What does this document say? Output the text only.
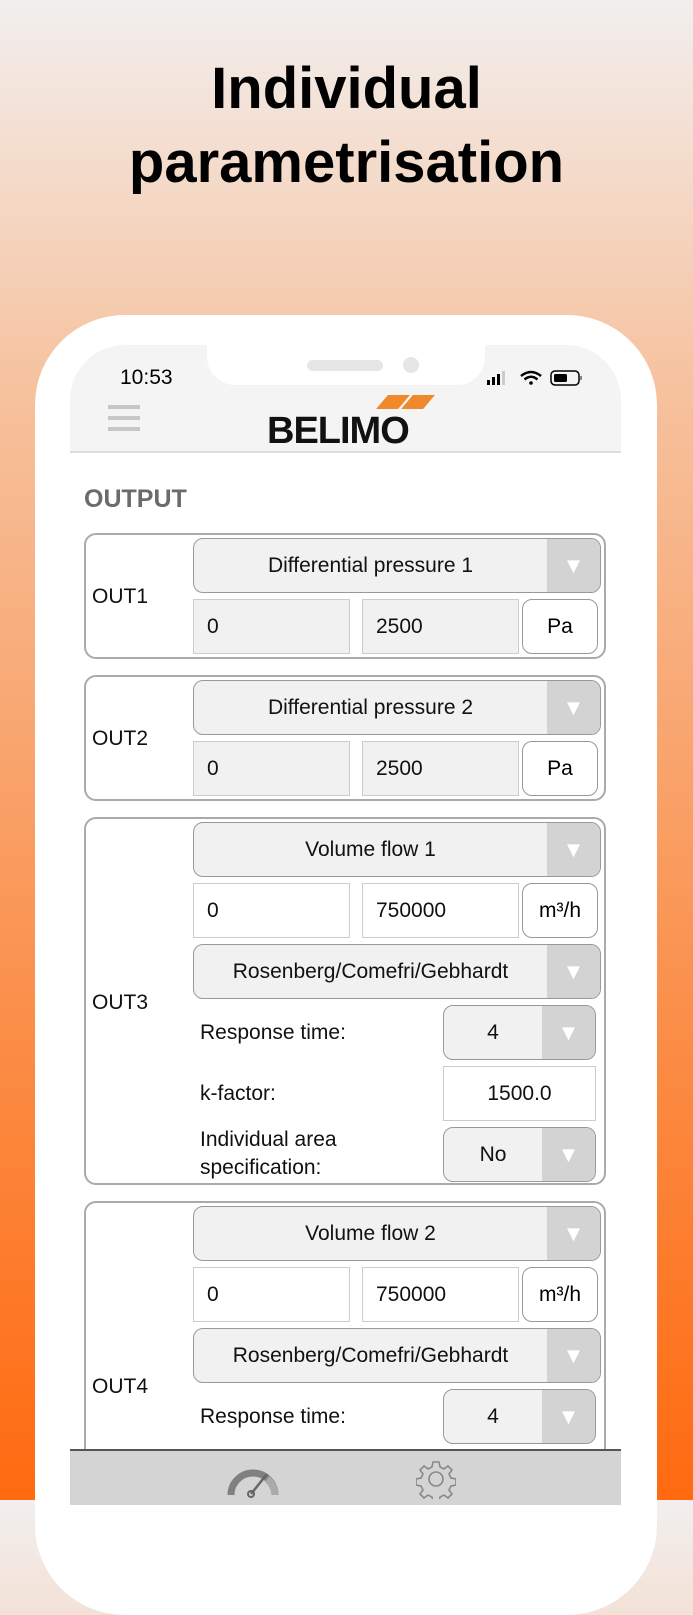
Individual
parametrisation
10:53
BELIMO
OUTPUT
OUT1
Differential pressure 1	▼
0	2500	Pa
OUT2
Differential pressure 2	▼
0	2500	Pa
OUT3
Volume flow 1	▼
0	750000	m³/h
Rosenberg/Comefri/Gebhardt	▼
Response time:	4	▼
k-factor:	1500.0
Individual area specification:
No	▼
OUT4
Volume flow 2	▼
0	750000	m³/h
Rosenberg/Comefri/Gebhardt	▼
Response time:	4	▼
